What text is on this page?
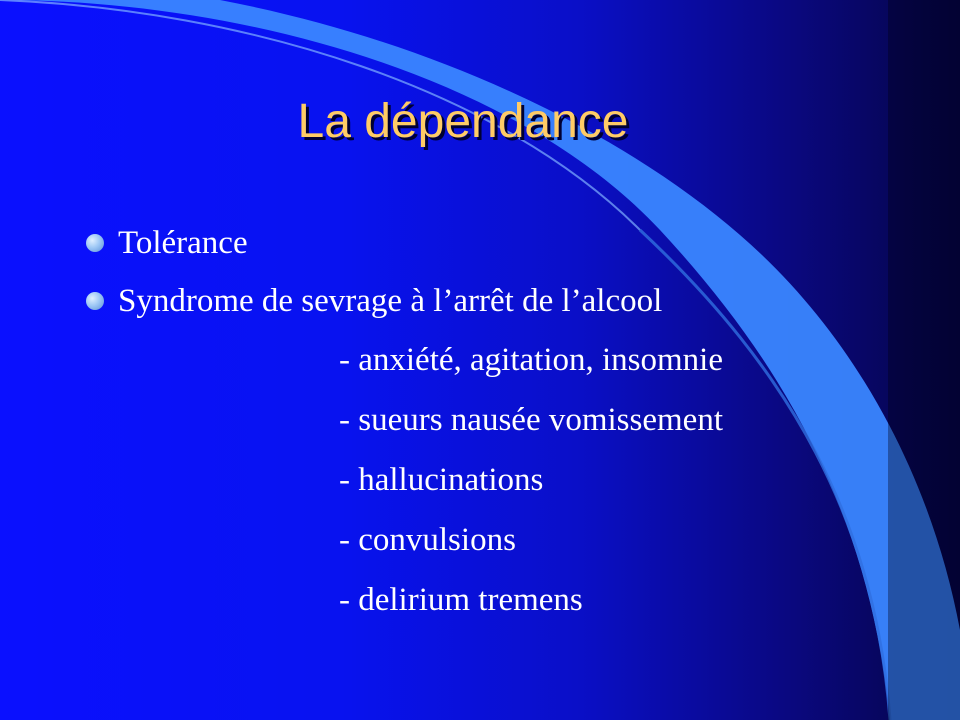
La dépendance
Tolérance
Syndrome de sevrage à l’arrêt de l’alcool
- anxiété, agitation, insomnie
- sueurs nausée vomissement
- hallucinations
- convulsions
- delirium tremens
